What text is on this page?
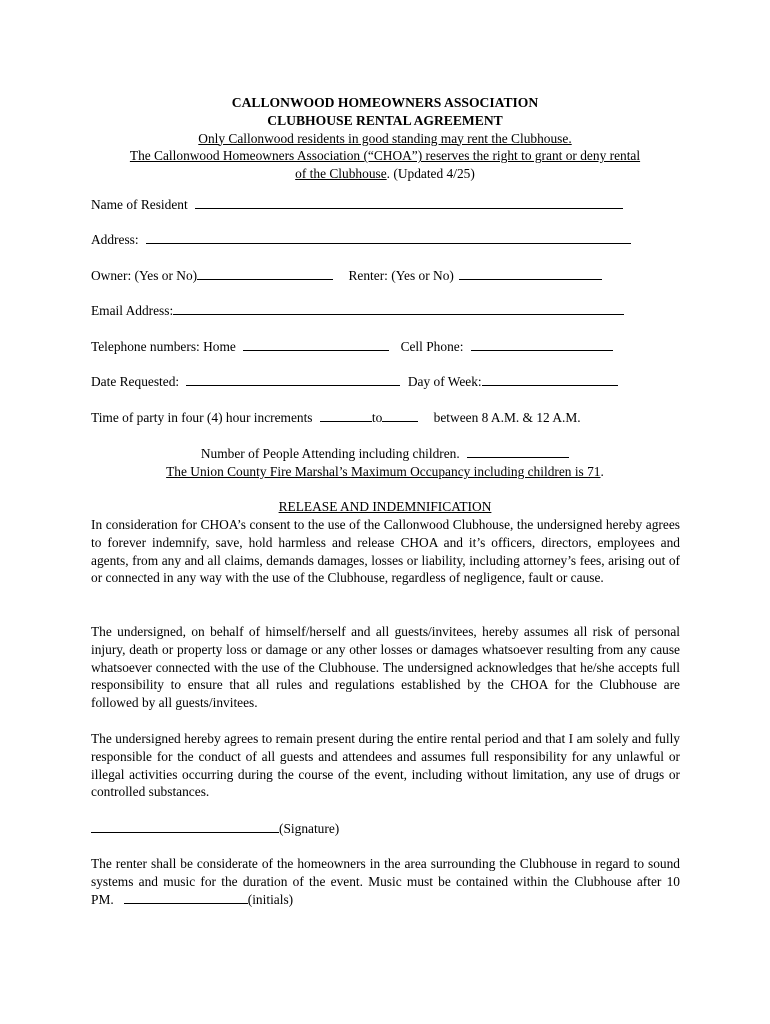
CALLONWOOD HOMEOWNERS ASSOCIATION
CLUBHOUSE RENTAL AGREEMENT
Only Callonwood residents in good standing may rent the Clubhouse.
The Callonwood Homeowners Association (“CHOA”) reserves the right to grant or deny rental
of the Clubhouse. (Updated 4/25)
Name of Resident
Address:
Owner: (Yes or No)	Renter: (Yes or No)
Email Address:
Telephone numbers: Home	Cell Phone:
Date Requested:	Day of Week:
Time of party in four (4) hour increments	to	between 8 A.M. & 12 A.M.
Number of People Attending including children.
The Union County Fire Marshal’s Maximum Occupancy including children is 71.
RELEASE AND INDEMNIFICATION

In consideration for CHOA’s consent to the use of the Callonwood Clubhouse, the undersigned hereby agrees to forever indemnify, save, hold harmless and release CHOA and it’s officers, directors, employees and agents, from any and all claims, demands damages, losses or liability, including attorney’s fees, arising out of or connected in any way with the use of the Clubhouse, regardless of negligence, fault or cause.

The undersigned, on behalf of himself/herself and all guests/invitees, hereby assumes all risk of personal injury, death or property loss or damage or any other losses or damages whatsoever resulting from any cause whatsoever connected with the use of the Clubhouse. The undersigned acknowledges that he/she accepts full responsibility to ensure that all rules and regulations established by the CHOA for the Clubhouse are followed by all guests/invitees.

The undersigned hereby agrees to remain present during the entire rental period and that I am solely and fully responsible for the conduct of all guests and attendees and assumes full responsibility for any unlawful or illegal activities occurring during the course of the event, including without limitation, any use of drugs or controlled substances.

(Signature)

The renter shall be considerate of the homeowners in the area surrounding the Clubhouse in regard to sound systems and music for the duration of the event. Music must be contained within the Clubhouse after 10 PM.	(initials)
